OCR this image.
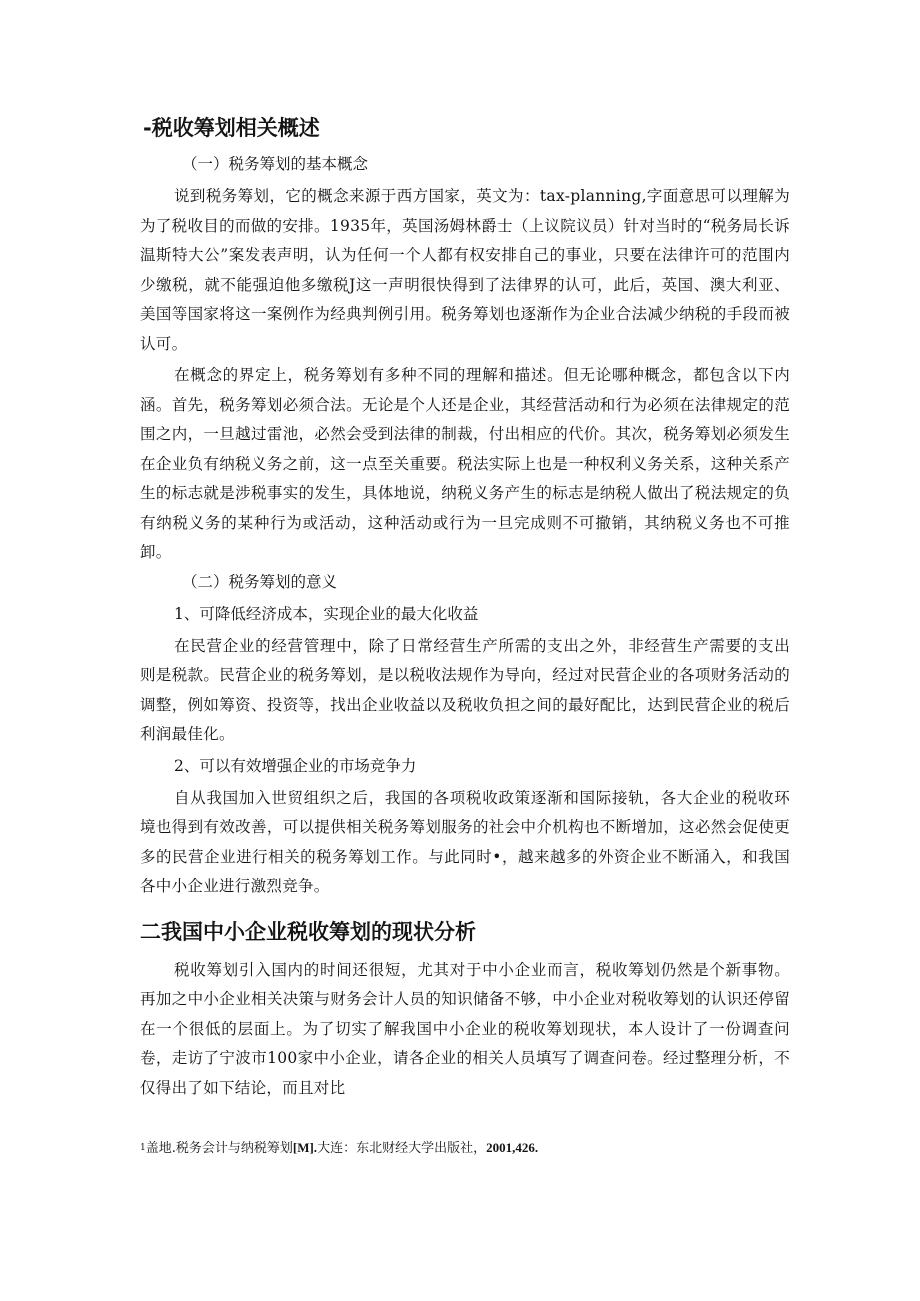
-税收筹划相关概述
（一）税务筹划的基本概念

说到税务筹划，它的概念来源于西方国家，英文为：tax-planning,字面意思可以理解为为了税收目的而做的安排。1935年，英国汤姆林爵士（上议院议员）针对当时的“税务局长诉温斯特大公”案发表声明，认为任何一个人都有权安排自己的事业，只要在法律许可的范围内少缴税，就不能强迫他多缴税J这一声明很快得到了法律界的认可，此后，英国、澳大利亚、美国等国家将这一案例作为经典判例引用。税务筹划也逐渐作为企业合法减少纳税的手段而被认可。

在概念的界定上，税务筹划有多种不同的理解和描述。但无论哪种概念，都包含以下内涵。首先，税务筹划必须合法。无论是个人还是企业，其经营活动和行为必须在法律规定的范围之内，一旦越过雷池，必然会受到法律的制裁，付出相应的代价。其次，税务筹划必须发生在企业负有纳税义务之前，这一点至关重要。税法实际上也是一种权利义务关系，这种关系产生的标志就是涉税事实的发生，具体地说，纳税义务产生的标志是纳税人做出了税法规定的负有纳税义务的某种行为或活动，这种活动或行为一旦完成则不可撤销，其纳税义务也不可推卸。

（二）税务筹划的意义
1、可降低经济成本，实现企业的最大化收益

在民营企业的经营管理中，除了日常经营生产所需的支出之外，非经营生产需要的支出则是税款。民营企业的税务筹划，是以税收法规作为导向，经过对民营企业的各项财务活动的调整，例如筹资、投资等，找出企业收益以及税收负担之间的最好配比，达到民营企业的税后利润最佳化。

2、可以有效增强企业的市场竞争力

自从我国加入世贸组织之后，我国的各项税收政策逐渐和国际接轨，各大企业的税收环境也得到有效改善，可以提供相关税务筹划服务的社会中介机构也不断增加，这必然会促使更多的民营企业进行相关的税务筹划工作。与此同时•，越来越多的外资企业不断涌入，和我国各中小企业进行激烈竞争。

二我国中小企业税收筹划的现状分析

税收筹划引入国内的时间还很短，尤其对于中小企业而言，税收筹划仍然是个新事物。再加之中小企业相关决策与财务会计人员的知识储备不够，中小企业对税收筹划的认识还停留在一个很低的层面上。为了切实了解我国中小企业的税收筹划现状，本人设计了一份调查问卷，走访了宁波市100家中小企业，请各企业的相关人员填写了调查问卷。经过整理分析，不仅得出了如下结论，而且对比

$^1$盖地.税务会计与纳税筹划[M].大连：东北财经大学出版社，2001,426.
